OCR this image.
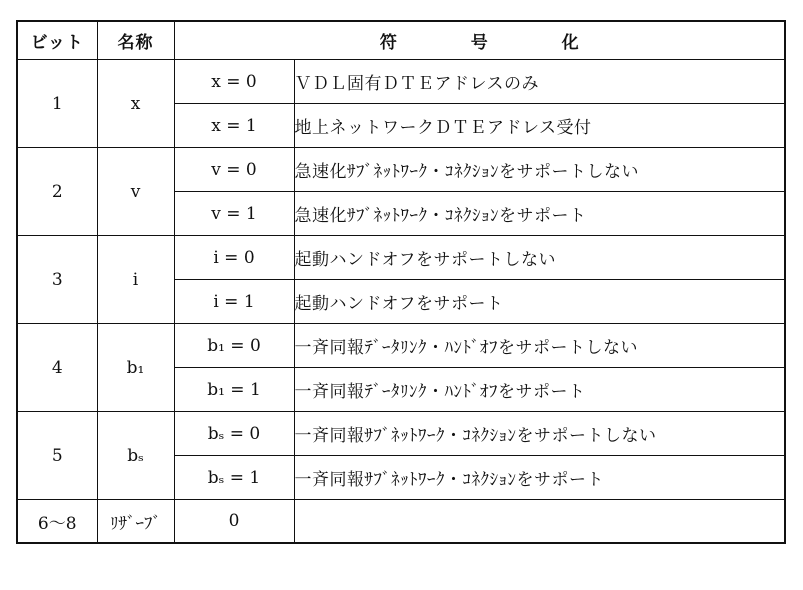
ビット	名称	符 号 化	
1	x	x = 0	ＶＤＬ固有ＤＴＥアドレスのみ
		x = 1	地上ネットワークＤＴＥアドレス受付
2	v	v = 0	急速化ｻﾌﾞﾈｯﾄﾜｰｸ・ｺﾈｸｼｮﾝをサポートしない
		v = 1	急速化ｻﾌﾞﾈｯﾄﾜｰｸ・ｺﾈｸｼｮﾝをサポート
3	i	i = 0	起動ハンドオフをサポートしない
		i = 1	起動ハンドオフをサポート
4	b₁	b₁ = 0	一斉同報ﾃﾞｰﾀﾘﾝｸ・ﾊﾝﾄﾞｵﾌをサポートしない
		b₁ = 1	一斉同報ﾃﾞｰﾀﾘﾝｸ・ﾊﾝﾄﾞｵﾌをサポート
5	bₛ	bₛ = 0	一斉同報ｻﾌﾞﾈｯﾄﾜｰｸ・ｺﾈｸｼｮﾝをサポートしない
		bₛ = 1	一斉同報ｻﾌﾞﾈｯﾄﾜｰｸ・ｺﾈｸｼｮﾝをサポート
6～8	ﾘｻﾞｰﾌﾞ	0	
